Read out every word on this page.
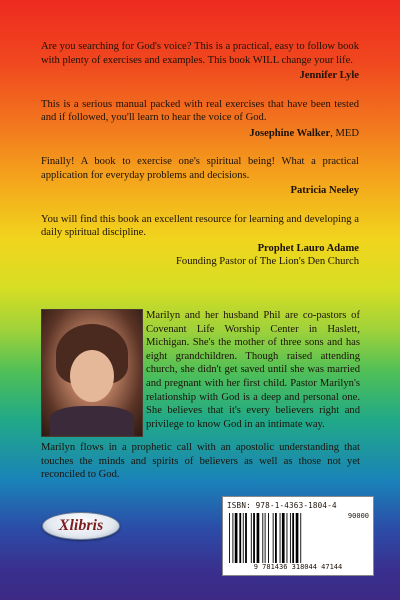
Are you searching for God's voice? This is a practical, easy to follow book with plenty of exercises and examples. This book WILL change your life.

Jennifer Lyle

This is a serious manual packed with real exercises that have been tested and if followed, you'll learn to hear the voice of God.

Josephine Walker, MED

Finally! A book to exercise one's spiritual being! What a practical application for everyday problems and decisions.

Patricia Neeley

You will find this book an excellent resource for learning and developing a daily spiritual discipline.

Prophet Lauro Adame

Founding Pastor of The Lion's Den Church

Marilyn and her husband Phil are co-pastors of Covenant Life Worship Center in Haslett, Michigan. She's the mother of three sons and has eight grandchildren. Though raised attending church, she didn't get saved until she was married and pregnant with her first child. Pastor Marilyn's relationship with God is a deep and personal one. She believes that it's every believers right and privilege to know God in an intimate way.

Marilyn flows in a prophetic call with an apostolic understanding that touches the minds and spirits of believers as well as those not yet reconciled to God.

Xlibris
ISBN: 978-1-4363-1804-4
90000
9 781436 318044 47144
